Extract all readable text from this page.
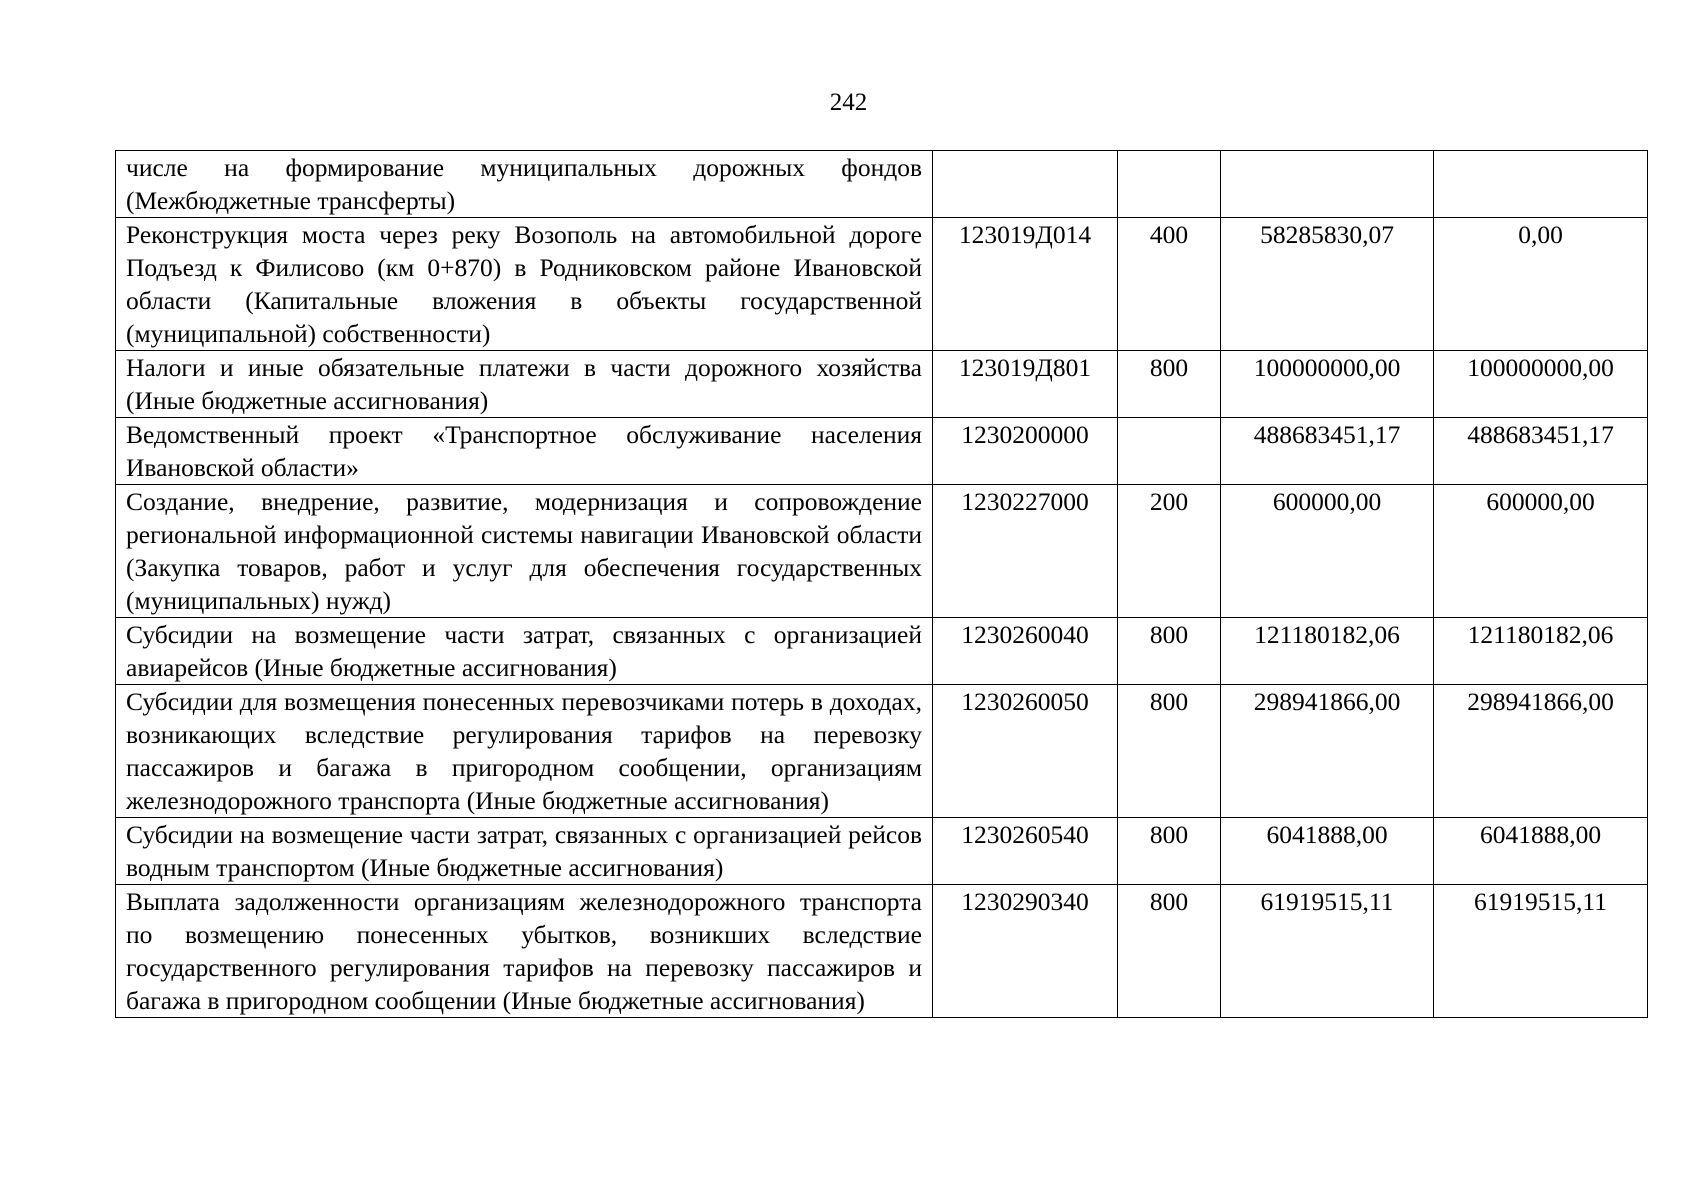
242
числе на формирование муниципальных дорожных фондов (Межбюджетные трансферты)				
Реконструкция моста через реку Возополь на автомобильной дороге Подъезд к Филисово (км 0+870) в Родниковском районе Ивановской области (Капитальные вложения в объекты государственной (муниципальной) собственности)	123019Д014	400	58285830,07	0,00
Налоги и иные обязательные платежи в части дорожного хозяйства (Иные бюджетные ассигнования)	123019Д801	800	100000000,00	100000000,00
Ведомственный проект «Транспортное обслуживание населения Ивановской области»	1230200000		488683451,17	488683451,17
Создание, внедрение, развитие, модернизация и сопровождение региональной информационной системы навигации Ивановской области (Закупка товаров, работ и услуг для обеспечения государственных (муниципальных) нужд)	1230227000	200	600000,00	600000,00
Субсидии на возмещение части затрат, связанных с организацией авиарейсов (Иные бюджетные ассигнования)	1230260040	800	121180182,06	121180182,06
Субсидии для возмещения понесенных перевозчиками потерь в доходах, возникающих вследствие регулирования тарифов на перевозку пассажиров и багажа в пригородном сообщении, организациям железнодорожного транспорта (Иные бюджетные ассигнования)	1230260050	800	298941866,00	298941866,00
Субсидии на возмещение части затрат, связанных с организацией рейсов водным транспортом (Иные бюджетные ассигнования)	1230260540	800	6041888,00	6041888,00
Выплата задолженности организациям железнодорожного транспорта по возмещению понесенных убытков, возникших вследствие государственного регулирования тарифов на перевозку пассажиров и багажа в пригородном сообщении (Иные бюджетные ассигнования)	1230290340	800	61919515,11	61919515,11
